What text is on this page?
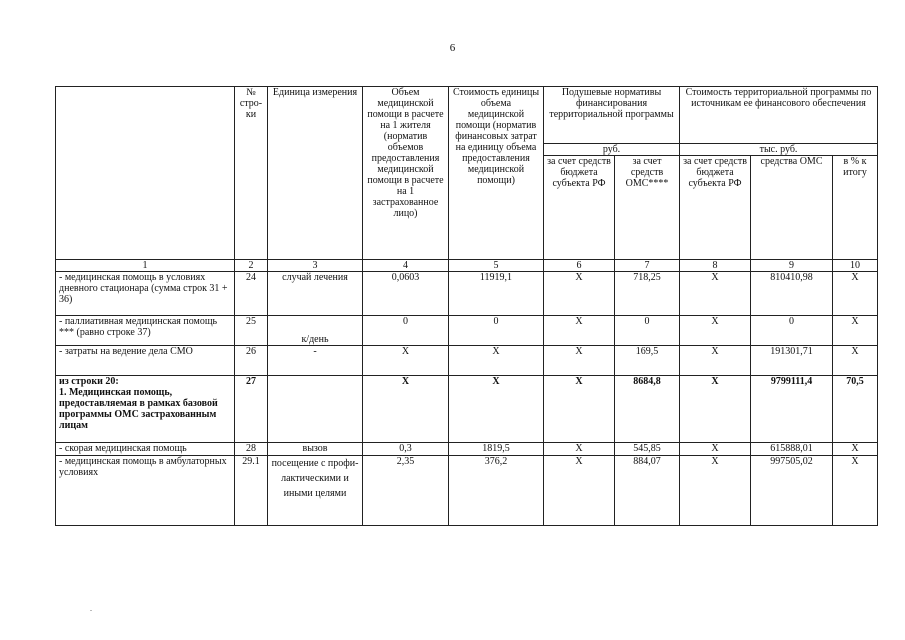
6
	№ стро-ки	Единица измерения	Объем медицинской помощи в расчете на 1 жителя (норматив объемов предоставления медицинской помощи в расчете на 1 застрахованное лицо)	Стоимость единицы объема медицинской помощи (норматив финансовых затрат на единицу объема предоставления медицинской помощи)	Подушевые нормативы финансирования территориальной программы		Стоимость территориальной программы по источникам ее финансового обеспечения		
					руб.		тыс. руб.		
					за счет средств бюджета субъекта РФ	за счет средств ОМС****	за счет средств бюджета субъекта РФ	средства ОМС	в % к итогу
1	2	3	4	5	6	7	8	9	10
- медицинская помощь в условиях дневного стационара (сумма строк 31 + 36)	24	случай лечения	0,0603	11919,1	Х	718,25	Х	810410,98	Х
- паллиативная медицинская помощь *** (равно строке 37)	25	к/день	0	0	Х	0	Х	0	Х
- затраты на ведение дела СМО	26	-	Х	Х	Х	169,5	Х	191301,71	Х
из строки 20:
1. Медицинская помощь, предоставляемая в рамках базовой программы ОМС застрахованным лицам	27		Х	Х	Х	8684,8	Х	9799111,4	70,5
- скорая медицинская помощь	28	вызов	0,3	1819,5	Х	545,85	Х	615888,01	Х
- медицинская помощь в амбулаторных условиях	29.1	посещение с профи-лактическими и иными целями	2,35	376,2	Х	884,07	Х	997505,02	Х
